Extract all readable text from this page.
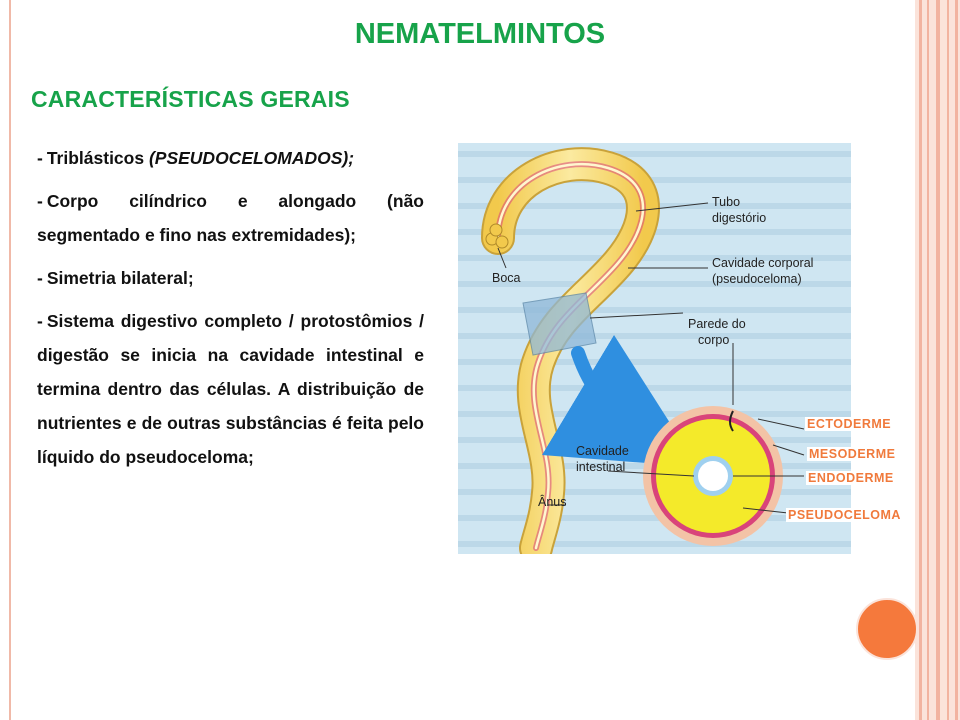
NEMATELMINTOS
CARACTERÍSTICAS GERAIS

- Triblásticos (PSEUDOCELOMADOS);

- Corpo cilíndrico e alongado (não segmentado e fino nas extremidades);

- Simetria bilateral;

- Sistema digestivo completo / protostômios / digestão se inicia na cavidade intestinal e termina dentro das células. A distribuição de nutrientes e de outras substâncias é feita pelo líquido do pseudoceloma;

Tubo
digestório
Boca
Cavidade corporal
(pseudoceloma)
Parede do
corpo
Cavidade
intestinal
Ânus
ECTODERME
MESODERME
ENDODERME
PSEUDOCELOMA
